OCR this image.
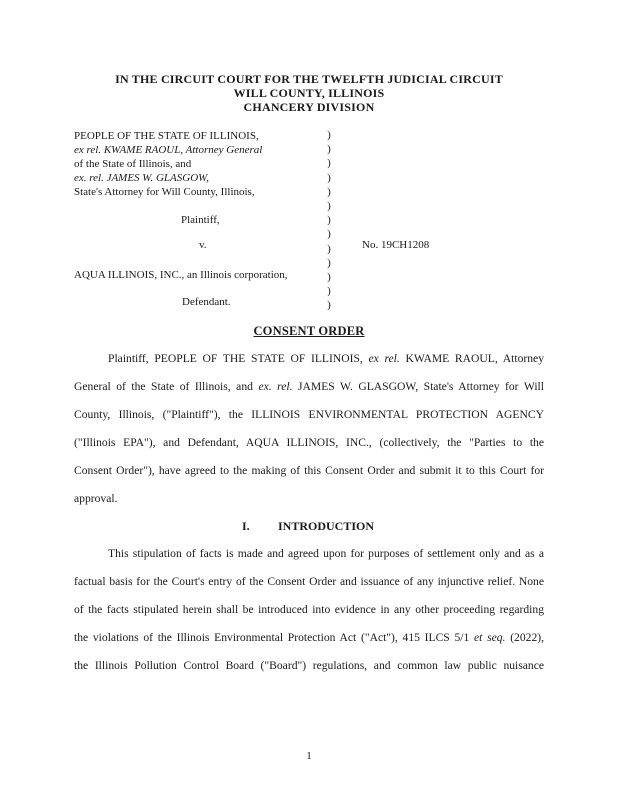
IN THE CIRCUIT COURT FOR THE TWELFTH JUDICIAL CIRCUIT
WILL COUNTY, ILLINOIS
CHANCERY DIVISION
PEOPLE OF THE STATE OF ILLINOIS,
ex rel. KWAME RAOUL, Attorney General
of the State of Illinois, and
ex. rel. JAMES W. GLASGOW,
State's Attorney for Will County, Illinois,
Plaintiff,
v.	No. 19CH1208
AQUA ILLINOIS, INC., an Illinois corporation,
Defendant.
)
)
)
)
)
)
)
)
)
)
)
)
)
CONSENT ORDER
Plaintiff, PEOPLE OF THE STATE OF ILLINOIS, ex rel. KWAME RAOUL, Attorney
General of the State of Illinois, and ex. rel. JAMES W. GLASGOW, State's Attorney for Will
County, Illinois, ("Plaintiff"), the ILLINOIS ENVIRONMENTAL PROTECTION AGENCY
("Illinois EPA"), and Defendant, AQUA ILLINOIS, INC., (collectively, the "Parties to the
Consent Order"), have agreed to the making of this Consent Order and submit it to this Court for
approval.
I. INTRODUCTION
This stipulation of facts is made and agreed upon for purposes of settlement only and as a
factual basis for the Court's entry of the Consent Order and issuance of any injunctive relief. None
of the facts stipulated herein shall be introduced into evidence in any other proceeding regarding
the violations of the Illinois Environmental Protection Act ("Act"), 415 ILCS 5/1 et seq. (2022),
the Illinois Pollution Control Board ("Board") regulations, and common law public nuisance
1
